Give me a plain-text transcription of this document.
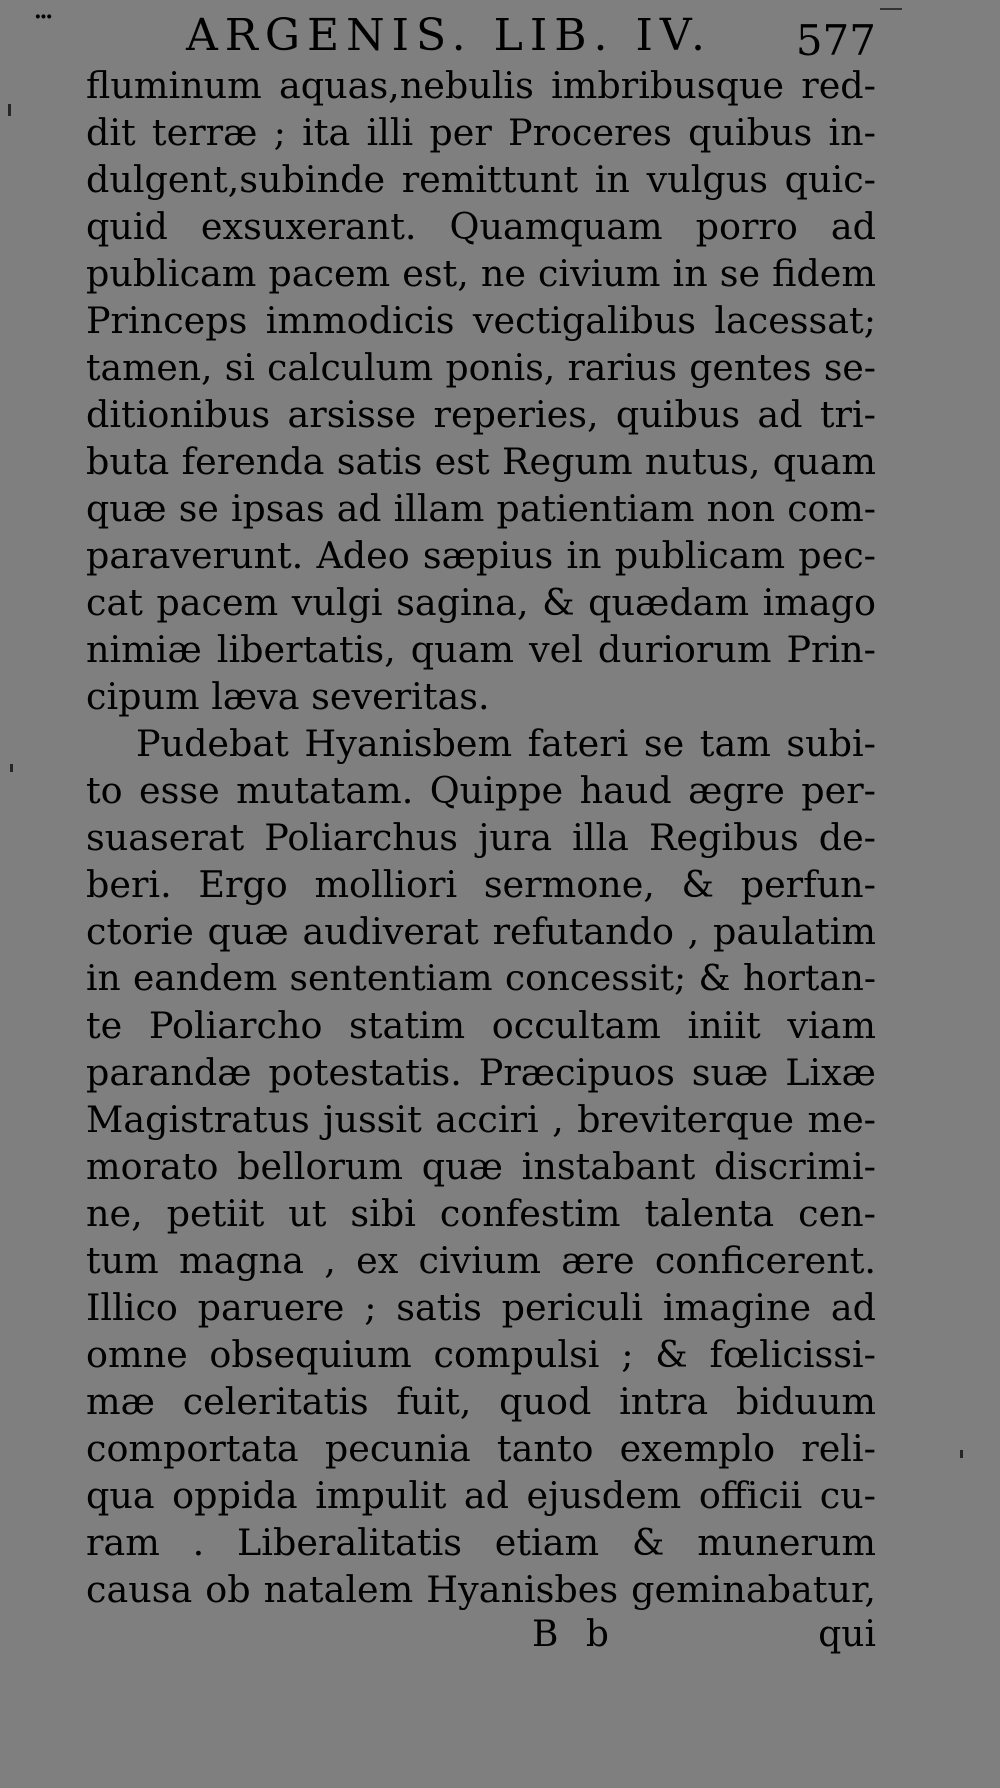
···	ARGENIS. LIB. IV. 577
fluminum aquas,nebulis imbribusque red-
dit terræ ; ita illi per Proceres quibus in-
dulgent,subinde remittunt in vulgus quic-
quid exsuxerant. Quamquam porro ad
publicam pacem est, ne civium in se fidem
Princeps immodicis vectigalibus lacessat;
tamen, si calculum ponis, rarius gentes se-
ditionibus arsisse reperies, quibus ad tri-
buta ferenda satis est Regum nutus, quam
quæ se ipsas ad illam patientiam non com-
paraverunt. Adeo sæpius in publicam pec-
cat pacem vulgi sagina, & quædam imago
nimiæ libertatis, quam vel duriorum Prin-
cipum læva severitas.
Pudebat Hyanisbem fateri se tam subi-
to esse mutatam. Quippe haud ægre per-
suaserat Poliarchus jura illa Regibus de-
beri. Ergo molliori sermone, & perfun-
ctorie quæ audiverat refutando , paulatim
in eandem sententiam concessit; & hortan-
te Poliarcho statim occultam iniit viam
parandæ potestatis. Præcipuos suæ Lixæ
Magistratus jussit acciri , breviterque me-
morato bellorum quæ instabant discrimi-
ne, petiit ut sibi confestim talenta cen-
tum magna , ex civium ære conficerent.
Illico paruere ; satis periculi imagine ad
omne obsequium compulsi ; & fœlicissi-
mæ celeritatis fuit, quod intra biduum
comportata pecunia tanto exemplo reli-
qua oppida impulit ad ejusdem officii cu-
ram . Liberalitatis etiam & munerum
causa ob natalem Hyanisbes geminabatur,
B b	qui
